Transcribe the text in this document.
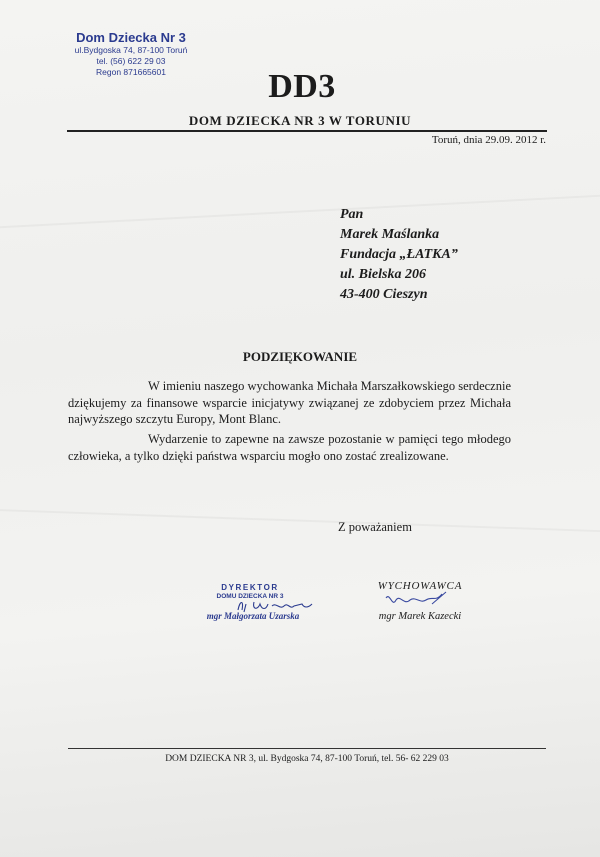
Dom Dziecka Nr 3
ul.Bydgoska 74, 87-100 Toruń
tel. (56) 622 29 03
Regon 871665601	DD3
DOM DZIECKA NR 3 W TORUNIU
Toruń, dnia 29.09. 2012 r.
Pan
Marek Maślanka
Fundacja „ŁATKA”
ul. Bielska 206
43-400 Cieszyn
PODZIĘKOWANIE
W imieniu naszego wychowanka Michała Marszałkowskiego serdecznie dziękujemy za finansowe wsparcie inicjatywy związanej ze zdobyciem przez Michała najwyższego szczytu Europy, Mont Blanc.
Wydarzenie to zapewne na zawsze pozostanie w pamięci tego młodego człowieka, a tylko dzięki państwa wsparciu mogło ono zostać zrealizowane.
Z poważaniem
DYREKTOR
DOMU DZIECKA NR 3
mgr Małgorzata Uzarska
WYCHOWAWCA
mgr Marek Kazecki
DOM DZIECKA NR 3, ul. Bydgoska 74, 87-100 Toruń, tel. 56- 62 229 03
